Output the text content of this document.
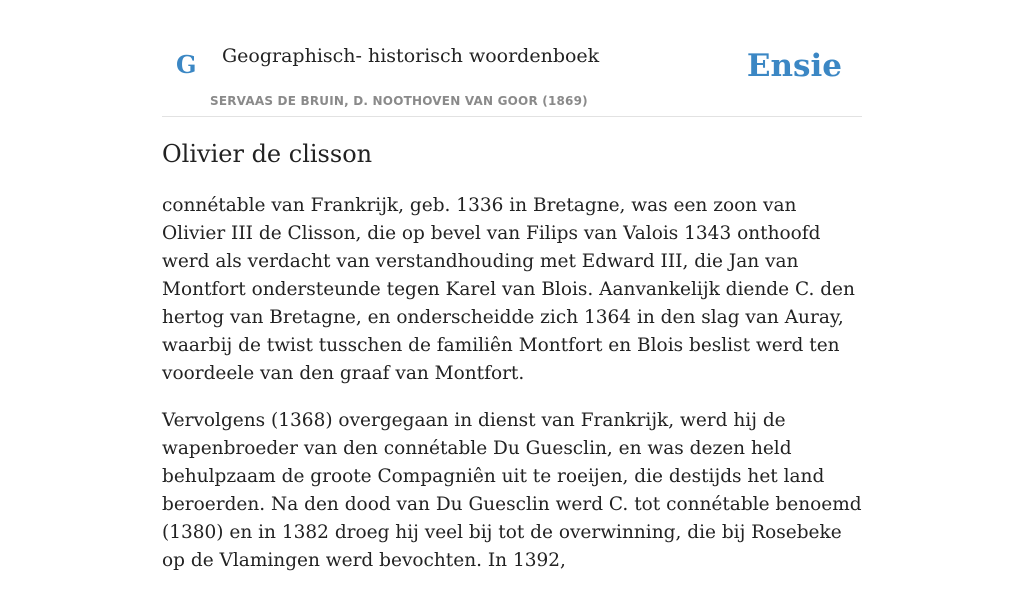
G Geographisch- historisch woordenboek
SERVAAS DE BRUIN, D. NOOTHOVEN VAN GOOR (1869)
Ensie
Olivier de clisson

connétable van Frankrijk, geb. 1336 in Bretagne, was een zoon van Olivier III de Clisson, die op bevel van Filips van Valois 1343 onthoofd werd als verdacht van verstandhouding met Edward III, die Jan van Montfort ondersteunde tegen Karel van Blois. Aanvankelijk diende C. den hertog van Bretagne, en onderscheidde zich 1364 in den slag van Auray, waarbij de twist tusschen de familiên Montfort en Blois beslist werd ten voordeele van den graaf van Montfort.

Vervolgens (1368) overgegaan in dienst van Frankrijk, werd hij de wapenbroeder van den connétable Du Guesclin, en was dezen held behulpzaam de groote Compagniên uit te roeijen, die destijds het land beroerden. Na den dood van Du Guesclin werd C. tot connétable benoemd (1380) en in 1382 droeg hij veel bij tot de overwinning, die bij Rosebeke op de Vlamingen werd bevochten. In 1392,
